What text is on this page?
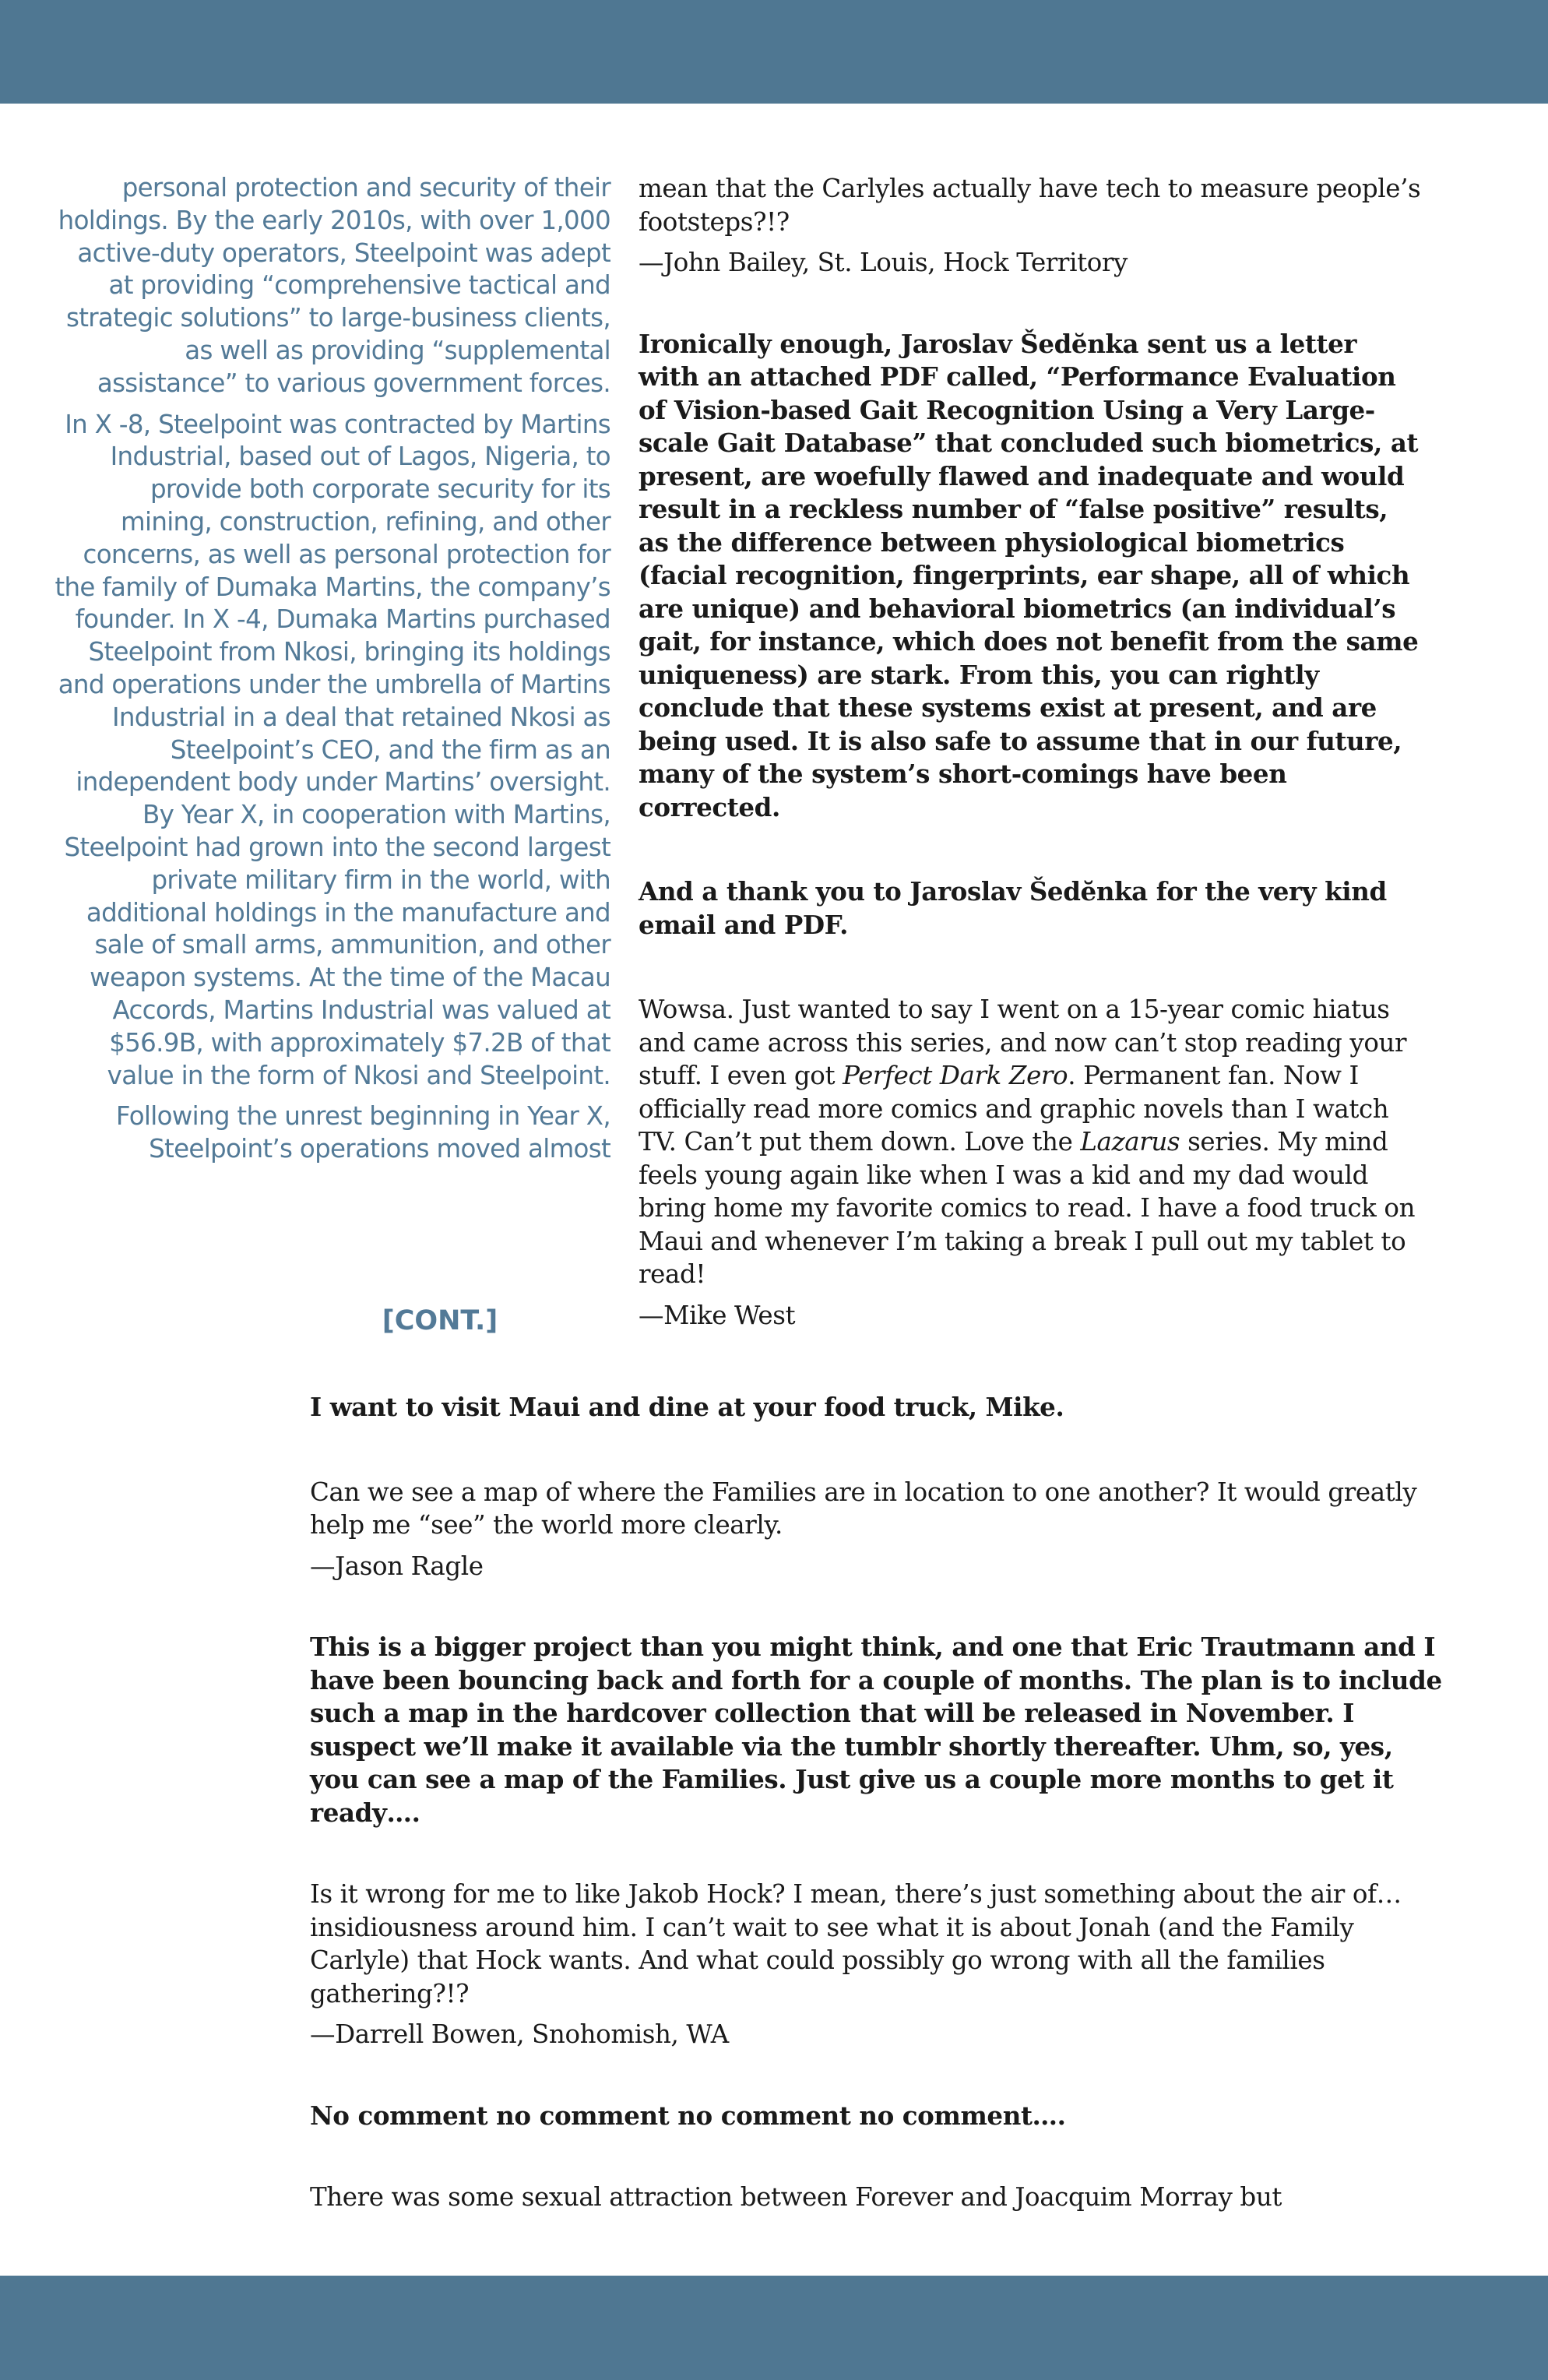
personal protection and security of their holdings. By the early 2010s, with over 1,000 active-duty operators, Steelpoint was adept at providing “comprehensive tactical and strategic solutions” to large-business clients, as well as providing “supplemental assistance” to various government forces.

In X -8, Steelpoint was contracted by Martins Industrial, based out of Lagos, Nigeria, to provide both corporate security for its mining, construction, refining, and other concerns, as well as personal protection for the family of Dumaka Martins, the company’s founder. In X -4, Dumaka Martins purchased Steelpoint from Nkosi, bringing its holdings and operations under the umbrella of Martins Industrial in a deal that retained Nkosi as Steelpoint’s CEO, and the firm as an independent body under Martins’ oversight. By Year X, in cooperation with Martins, Steelpoint had grown into the second largest private military firm in the world, with additional holdings in the manufacture and sale of small arms, ammunition, and other weapon systems. At the time of the Macau Accords, Martins Industrial was valued at $56.9B, with approximately $7.2B of that value in the form of Nkosi and Steelpoint.

Following the unrest beginning in Year X, Steelpoint’s operations moved almost

[CONT.]

mean that the Carlyles actually have tech to measure people’s footsteps?!?

—John Bailey, St. Louis, Hock Territory

Ironically enough, Jaroslav Šedĕnka sent us a letter with an attached PDF called, “Performance Evaluation of Vision-based Gait Recognition Using a Very Large-scale Gait Database” that concluded such biometrics, at present, are woefully flawed and inadequate and would result in a reckless number of “false positive” results, as the difference between physiological biometrics (facial recognition, fingerprints, ear shape, all of which are unique) and behavioral biometrics (an individual’s gait, for instance, which does not benefit from the same uniqueness) are stark. From this, you can rightly conclude that these systems exist at present, and are being used. It is also safe to assume that in our future, many of the system’s short-comings have been corrected.

And a thank you to Jaroslav Šedĕnka for the very kind email and PDF.

Wowsa. Just wanted to say I went on a 15-year comic hiatus and came across this series, and now can’t stop reading your stuff. I even got Perfect Dark Zero. Permanent fan. Now I officially read more comics and graphic novels than I watch TV. Can’t put them down. Love the Lazarus series. My mind feels young again like when I was a kid and my dad would bring home my favorite comics to read. I have a food truck on Maui and whenever I’m taking a break I pull out my tablet to read!

—Mike West

I want to visit Maui and dine at your food truck, Mike.

Can we see a map of where the Families are in location to one another? It would greatly help me “see” the world more clearly.

—Jason Ragle

This is a bigger project than you might think, and one that Eric Trautmann and I have been bouncing back and forth for a couple of months. The plan is to include such a map in the hardcover collection that will be released in November. I suspect we’ll make it available via the tumblr shortly thereafter. Uhm, so, yes, you can see a map of the Families. Just give us a couple more months to get it ready….

Is it wrong for me to like Jakob Hock? I mean, there’s just something about the air of…insidiousness around him. I can’t wait to see what it is about Jonah (and the Family Carlyle) that Hock wants. And what could possibly go wrong with all the families gathering?!?

—Darrell Bowen, Snohomish, WA

No comment no comment no comment no comment….

There was some sexual attraction between Forever and Joacquim Morray but
